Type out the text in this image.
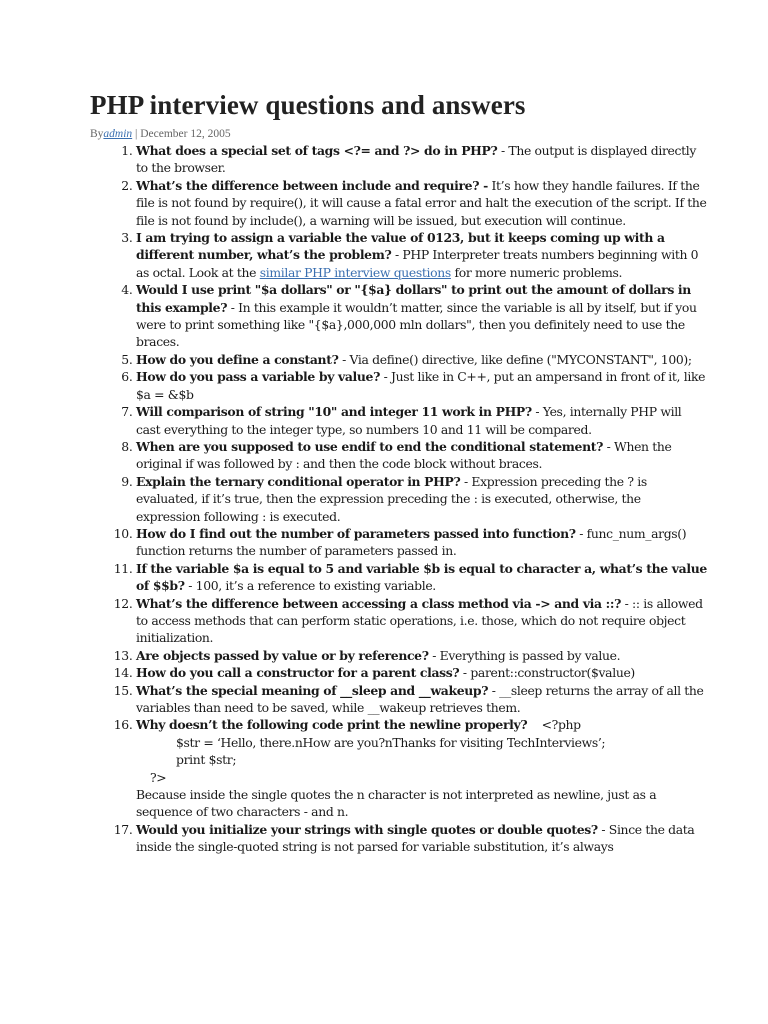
PHP interview questions and answers
Byadmin | December 12, 2005
1. What does a special set of tags <?= and ?> do in PHP? - The output is displayed directly to the browser.
2. What’s the difference between include and require? - It’s how they handle failures. If the file is not found by require(), it will cause a fatal error and halt the execution of the script. If the file is not found by include(), a warning will be issued, but execution will continue.
3. I am trying to assign a variable the value of 0123, but it keeps coming up with a different number, what’s the problem? - PHP Interpreter treats numbers beginning with 0 as octal. Look at the similar PHP interview questions for more numeric problems.
4. Would I use print "$a dollars" or "{$a} dollars" to print out the amount of dollars in this example? - In this example it wouldn’t matter, since the variable is all by itself, but if you were to print something like "{$a},000,000 mln dollars", then you definitely need to use the braces.
5. How do you define a constant? - Via define() directive, like define ("MYCONSTANT", 100);
6. How do you pass a variable by value? - Just like in C++, put an ampersand in front of it, like $a = &$b
7. Will comparison of string "10" and integer 11 work in PHP? - Yes, internally PHP will cast everything to the integer type, so numbers 10 and 11 will be compared.
8. When are you supposed to use endif to end the conditional statement? - When the original if was followed by : and then the code block without braces.
9. Explain the ternary conditional operator in PHP? - Expression preceding the ? is evaluated, if it’s true, then the expression preceding the : is executed, otherwise, the expression following : is executed.
10. How do I find out the number of parameters passed into function? - func_num_args() function returns the number of parameters passed in.
11. If the variable $a is equal to 5 and variable $b is equal to character a, what’s the value of $$b? - 100, it’s a reference to existing variable.
12. What’s the difference between accessing a class method via -> and via ::? - :: is allowed to access methods that can perform static operations, i.e. those, which do not require object initialization.
13. Are objects passed by value or by reference? - Everything is passed by value.
14. How do you call a constructor for a parent class? - parent::constructor($value)
15. What’s the special meaning of __sleep and __wakeup? - __sleep returns the array of all the variables than need to be saved, while __wakeup retrieves them.
16. Why doesn’t the following code print the newline properly?    <?php
$str = ‘Hello, there.nHow are you?nThanks for visiting TechInterviews’;
print $str;
?>
Because inside the single quotes the n character is not interpreted as newline, just as a sequence of two characters - and n.
17. Would you initialize your strings with single quotes or double quotes? - Since the data inside the single-quoted string is not parsed for variable substitution, it’s always
